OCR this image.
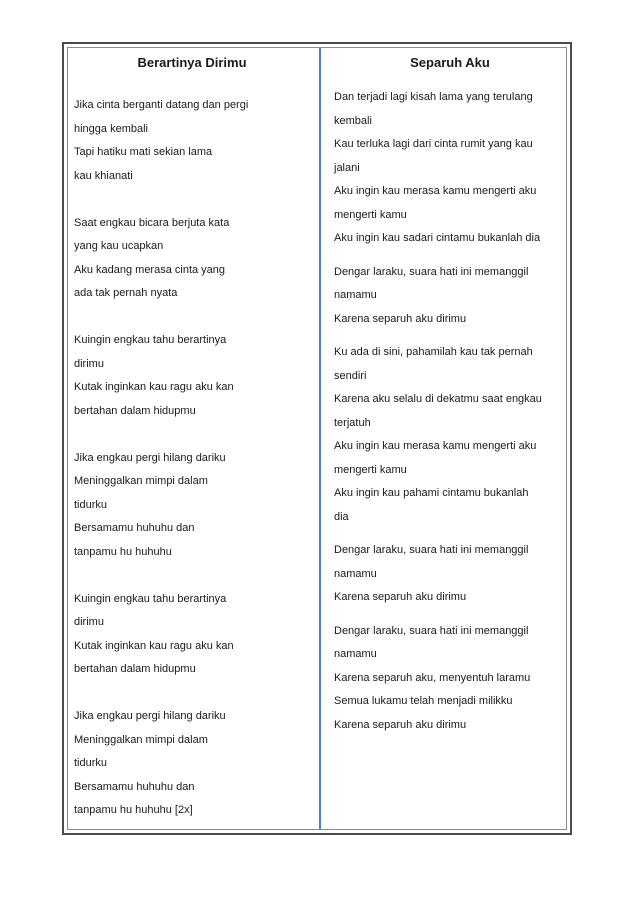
Berartinya Dirimu
Jika cinta berganti datang dan pergi
hingga kembali
Tapi hatiku mati sekian lama
kau khianati
Saat engkau bicara berjuta kata
yang kau ucapkan
Aku kadang merasa cinta yang
ada tak pernah nyata
Kuingin engkau tahu berartinya
dirimu
Kutak inginkan kau ragu aku kan
bertahan dalam hidupmu
Jika engkau pergi hilang dariku
Meninggalkan mimpi dalam
tidurku
Bersamamu huhuhu dan
tanpamu hu huhuhu
Kuingin engkau tahu berartinya
dirimu
Kutak inginkan kau ragu aku kan
bertahan dalam hidupmu
Jika engkau pergi hilang dariku
Meninggalkan mimpi dalam
tidurku
Bersamamu huhuhu dan
tanpamu hu huhuhu [2x]
Separuh Aku
Dan terjadi lagi kisah lama yang terulang
kembali
Kau terluka lagi dari cinta rumit yang kau
jalani
Aku ingin kau merasa kamu mengerti aku
mengerti kamu
Aku ingin kau sadari cintamu bukanlah dia
Dengar laraku, suara hati ini memanggil
namamu
Karena separuh aku dirimu
Ku ada di sini, pahamilah kau tak pernah
sendiri
Karena aku selalu di dekatmu saat engkau
terjatuh
Aku ingin kau merasa kamu mengerti aku
mengerti kamu
Aku ingin kau pahami cintamu bukanlah
dia
Dengar laraku, suara hati ini memanggil
namamu
Karena separuh aku dirimu
Dengar laraku, suara hati ini memanggil
namamu
Karena separuh aku, menyentuh laramu
Semua lukamu telah menjadi milikku
Karena separuh aku dirimu
